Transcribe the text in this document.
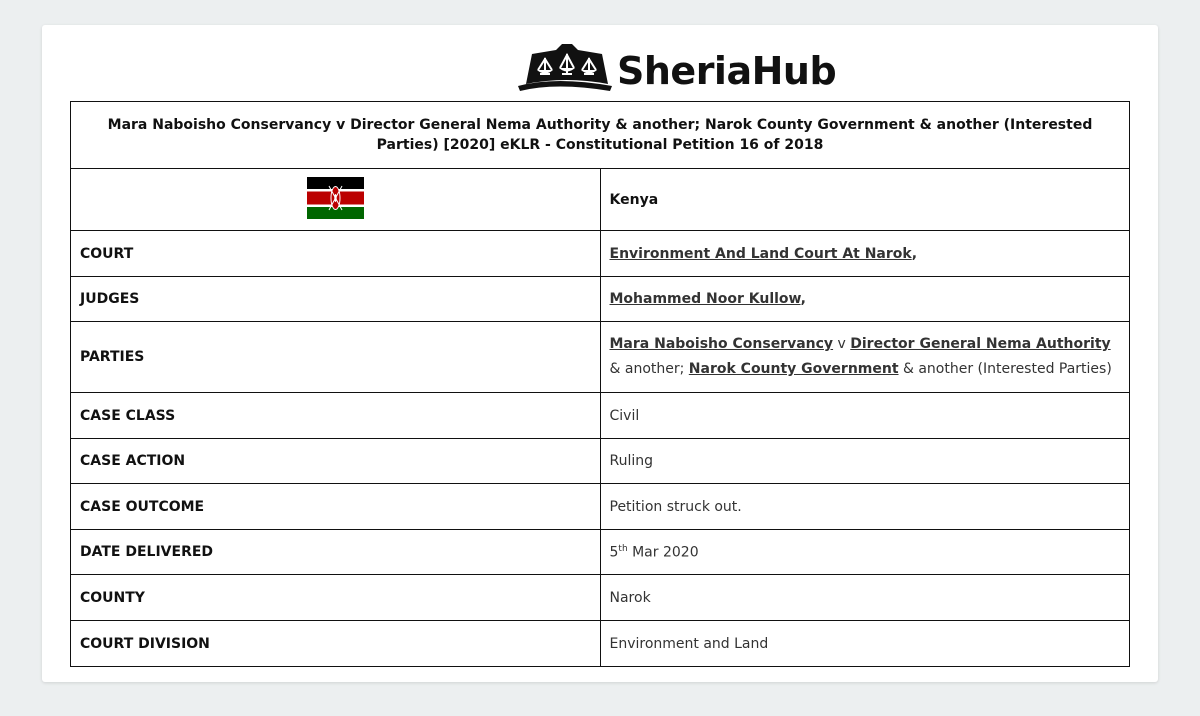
SheriaHub
Mara Naboisho Conservancy v Director General Nema Authority & another; Narok County Government & another (Interested Parties) [2020] eKLR - Constitutional Petition 16 of 2018	
	Kenya
COURT	Environment And Land Court At Narok,
JUDGES	Mohammed Noor Kullow,
PARTIES	Mara Naboisho Conservancy v Director General Nema Authority & another; Narok County Government & another (Interested Parties)
CASE CLASS	Civil
CASE ACTION	Ruling
CASE OUTCOME	Petition struck out.
DATE DELIVERED	5th Mar 2020
COUNTY	Narok
COURT DIVISION	Environment and Land
